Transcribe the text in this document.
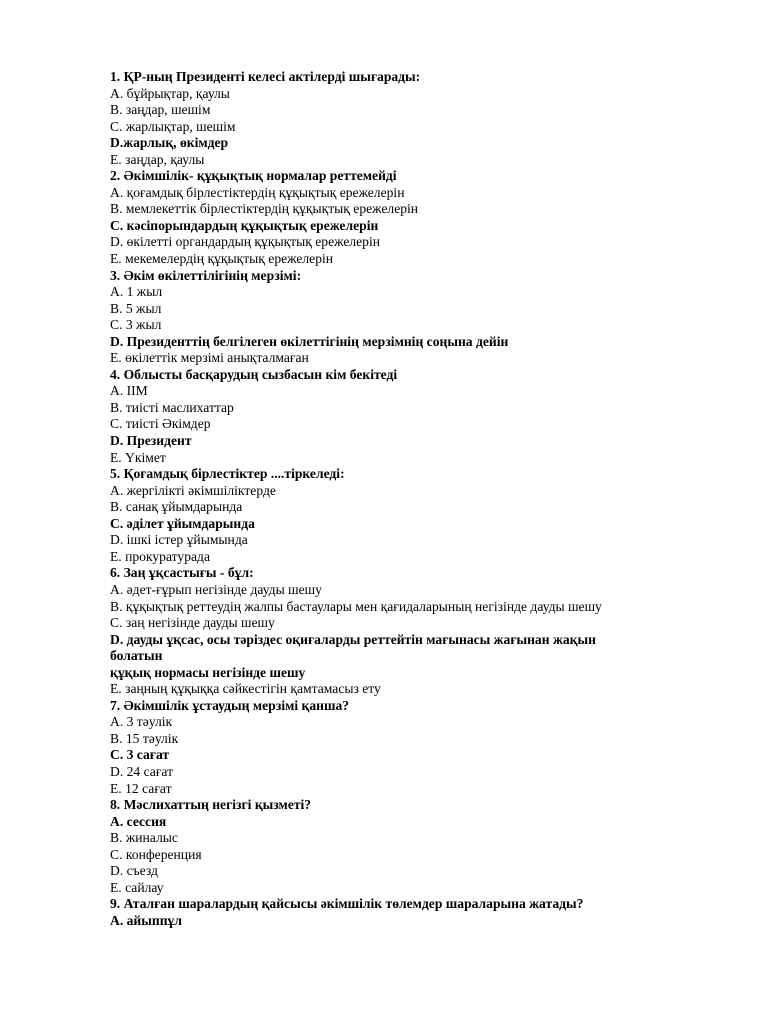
1. ҚР-ның Президенті келесі актілерді шығарады:
А. бұйрықтар, қаулы
В. заңдар, шешім
С. жарлықтар, шешім
D.жарлық, өкімдер
Е. заңдар, қаулы
2. Әкімшілік- құқықтық нормалар реттемейді
А. қоғамдық бірлестіктердің құқықтық ережелерін
В. мемлекеттік бірлестіктердің құқықтық ережелерін
С. кәсіпорындардың құқықтық ережелерін
D. өкілетті органдардың құқықтық ережелерін
Е. мекемелердің құқықтық ережелерін
3. Әкім өкілеттілігінің мерзімі:
А. 1 жыл
В. 5 жыл
С. 3 жыл
D. Президенттің белгілеген өкілеттігінің мерзімнің соңына дейін
Е. өкілеттік мерзімі анықталмаған
4. Облысты басқарудың сызбасын кім бекітеді
А. ІІМ
В. тиісті маслихаттар
С. тиісті Әкімдер
D. Президент
Е. Үкімет
5. Қоғамдық бірлестіктер ....тіркеледі:
А. жергілікті әкімшіліктерде
В. санақ ұйымдарында
С. әділет ұйымдарында
D. ішкі істер ұйымында
Е. прокуратурада
6. Заң ұқсастығы - бұл:
А. әдет-ғұрып негізінде дауды шешу
В. құқықтық реттеудің жалпы бастаулары мен қағидаларының негізінде дауды шешу
С. заң негізінде дауды шешу
D. дауды ұқсас, осы тәріздес оқиғаларды реттейтін мағынасы жағынан жақын
болатын
құқық нормасы негізінде шешу
Е. заңның құқыққа сәйкестігін қамтамасыз ету
7. Әкімшілік ұстаудың мерзімі қанша?
А. 3 тәулік
В. 15 тәулік
С. 3 сағат
D. 24 сағат
Е. 12 сағат
8. Мәслихаттың негізгі қызметі?
А. сессия
В. жиналыс
С. конференция
D. съезд
Е. сайлау
9. Аталған шаралардың қайсысы әкімшілік төлемдер шараларына жатады?
А. айыппұл
